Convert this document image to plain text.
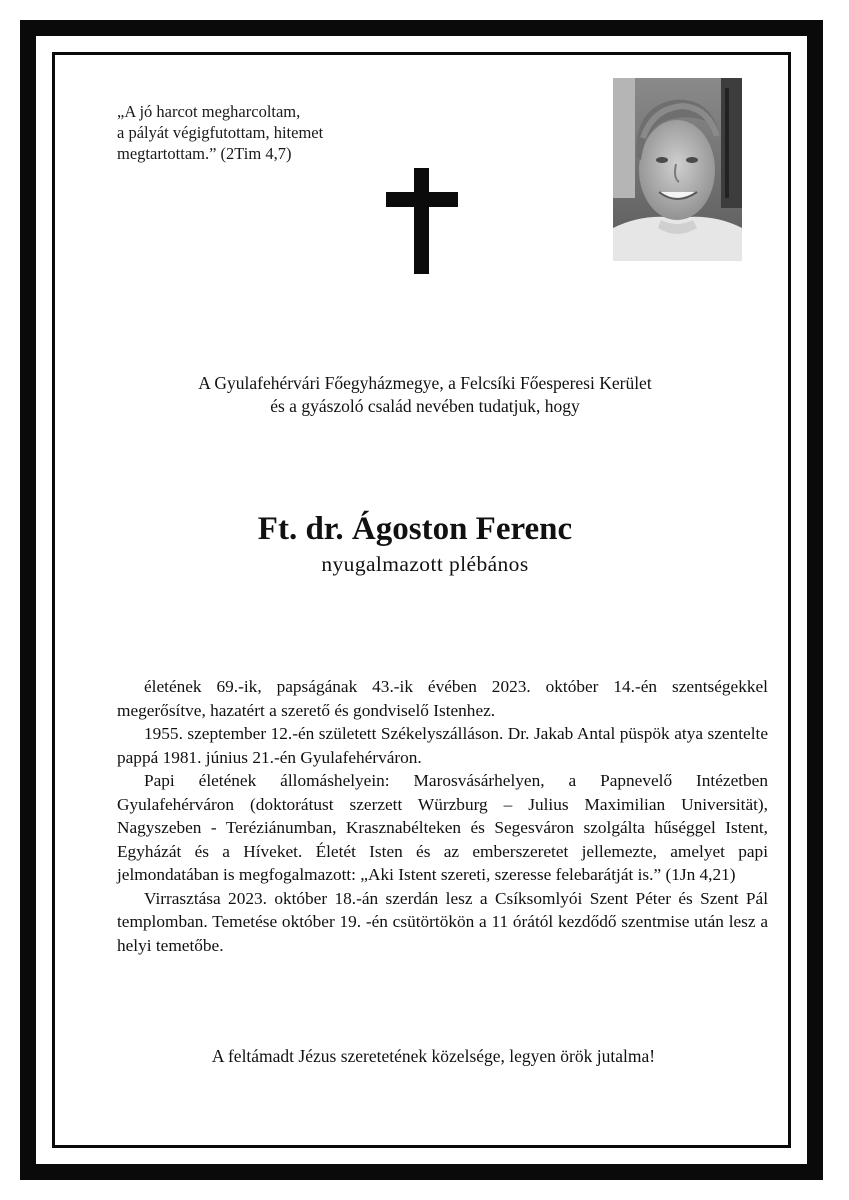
„A jó harcot megharcoltam,
a pályát végigfutottam, hitemet
megtartottam.” (2Tim 4,7)
A Gyulafehérvári Főegyházmegye, a Felcsíki Főesperesi Kerület
és a gyászoló család nevében tudatjuk, hogy
Ft. dr. Ágoston Ferenc
nyugalmazott plébános

életének 69.-ik, papságának 43.-ik évében 2023. október 14.-én szentségekkel megerősítve, hazatért a szerető és gondviselő Istenhez.

1955. szeptember 12.-én született Székelyszálláson. Dr. Jakab Antal püspök atya szentelte pappá 1981. június 21.-én Gyulafehérváron.

Papi életének állomáshelyein: Marosvásárhelyen, a Papnevelő Intézetben Gyulafehérváron (doktorátust szerzett Würzburg – Julius Maximilian Universität), Nagyszeben - Teréziánumban, Krasznabélteken és Segesváron szolgálta hűséggel Istent, Egyházát és a Híveket. Életét Isten és az emberszeretet jellemezte, amelyet papi jelmondatában is megfogalmazott: „Aki Istent szereti, szeresse felebarátját is.” (1Jn 4,21)

Virrasztása 2023. október 18.-án szerdán lesz a Csíksomlyói Szent Péter és Szent Pál templomban. Temetése október 19. -én csütörtökön a 11 órától kezdődő szentmise után lesz a helyi temetőbe.

A feltámadt Jézus szeretetének közelsége, legyen örök jutalma!
